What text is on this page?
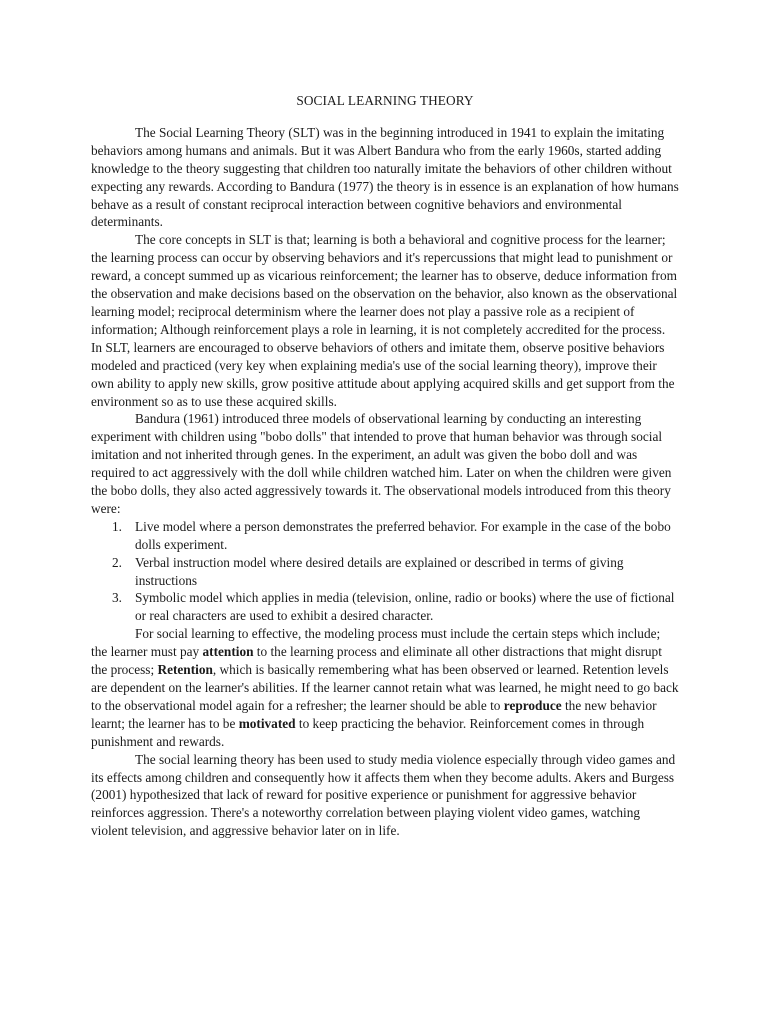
SOCIAL LEARNING THEORY

The Social Learning Theory (SLT) was in the beginning introduced in 1941 to explain the imitating behaviors among humans and animals. But it was Albert Bandura who from the early 1960s, started adding knowledge to the theory suggesting that children too naturally imitate the behaviors of other children without expecting any rewards. According to Bandura (1977) the theory is in essence is an explanation of how humans behave as a result of constant reciprocal interaction between cognitive behaviors and environmental determinants.

The core concepts in SLT is that; learning is both a behavioral and cognitive process for the learner; the learning process can occur by observing behaviors and it's repercussions that might lead to punishment or reward, a concept summed up as vicarious reinforcement; the learner has to observe, deduce information from the observation and make decisions based on the observation on the behavior, also known as the observational learning model; reciprocal determinism where the learner does not play a passive role as a recipient of information; Although reinforcement plays a role in learning, it is not completely accredited for the process.

In SLT, learners are encouraged to observe behaviors of others and imitate them, observe positive behaviors modeled and practiced (very key when explaining media's use of the social learning theory), improve their own ability to apply new skills, grow positive attitude about applying acquired skills and get support from the environment so as to use these acquired skills.

Bandura (1961) introduced three models of observational learning by conducting an interesting experiment with children using "bobo dolls" that intended to prove that human behavior was through social imitation and not inherited through genes. In the experiment, an adult was given the bobo doll and was required to act aggressively with the doll while children watched him. Later on when the children were given the bobo dolls, they also acted aggressively towards it. The observational models introduced from this theory were:

1. Live model where a person demonstrates the preferred behavior. For example in the case of the bobo dolls experiment.
2. Verbal instruction model where desired details are explained or described in terms of giving instructions
3. Symbolic model which applies in media (television, online, radio or books) where the use of fictional or real characters are used to exhibit a desired character.

For social learning to effective, the modeling process must include the certain steps which include; the learner must pay attention to the learning process and eliminate all other distractions that might disrupt the process; Retention, which is basically remembering what has been observed or learned. Retention levels are dependent on the learner's abilities. If the learner cannot retain what was learned, he might need to go back to the observational model again for a refresher; the learner should be able to reproduce the new behavior learnt; the learner has to be motivated to keep practicing the behavior. Reinforcement comes in through punishment and rewards.

The social learning theory has been used to study media violence especially through video games and its effects among children and consequently how it affects them when they become adults. Akers and Burgess (2001) hypothesized that lack of reward for positive experience or punishment for aggressive behavior reinforces aggression. There's a noteworthy correlation between playing violent video games, watching violent television, and aggressive behavior later on in life.
